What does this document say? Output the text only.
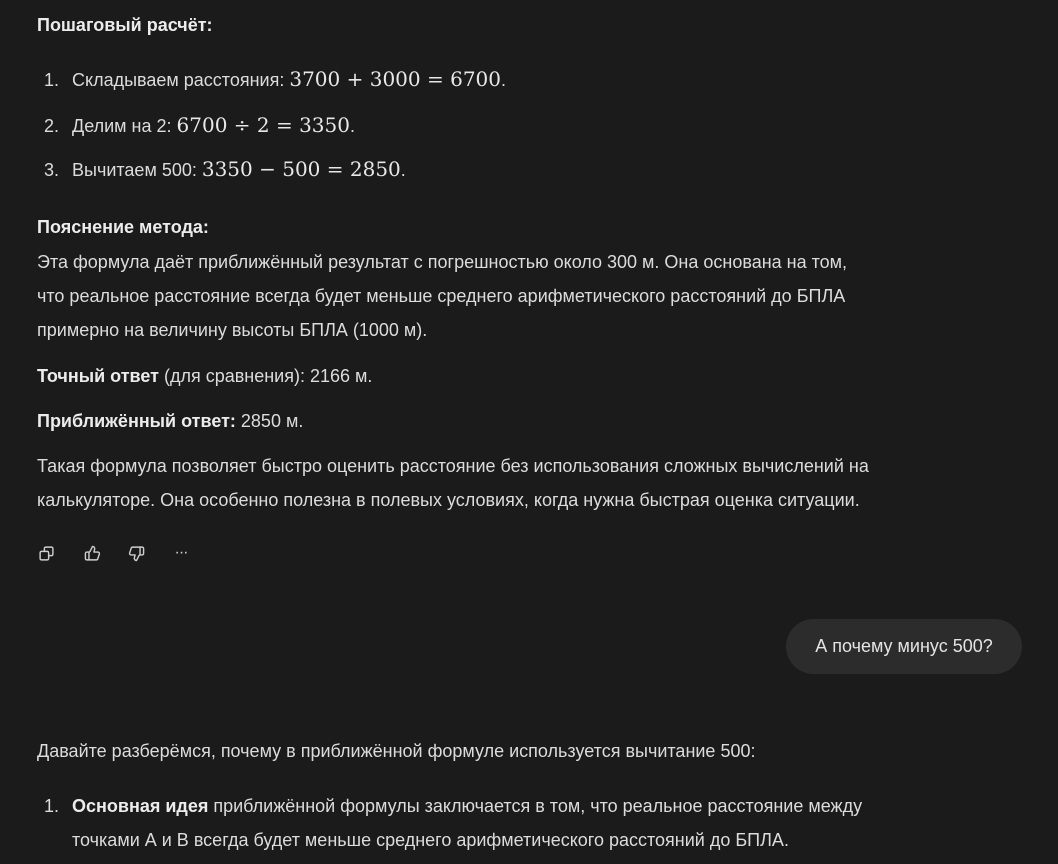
Пошаговый расчёт:
1. Складываем расстояния: 3700 + 3000 = 6700.
2. Делим на 2: 6700 ÷ 2 = 3350.
3. Вычитаем 500: 3350 − 500 = 2850.
Пояснение метода:
Эта формула даёт приближённый результат с погрешностью около 300 м. Она основана на том,
что реальное расстояние всегда будет меньше среднего арифметического расстояний до БПЛА
примерно на величину высоты БПЛА (1000 м).
Точный ответ (для сравнения): 2166 м.
Приближённый ответ: 2850 м.
Такая формула позволяет быстро оценить расстояние без использования сложных вычислений на
калькуляторе. Она особенно полезна в полевых условиях, когда нужна быстрая оценка ситуации.
···
А почему минус 500?
Давайте разберёмся, почему в приближённой формуле используется вычитание 500:
1. Основная идея приближённой формулы заключается в том, что реальное расстояние между
точками А и В всегда будет меньше среднего арифметического расстояний до БПЛА.
